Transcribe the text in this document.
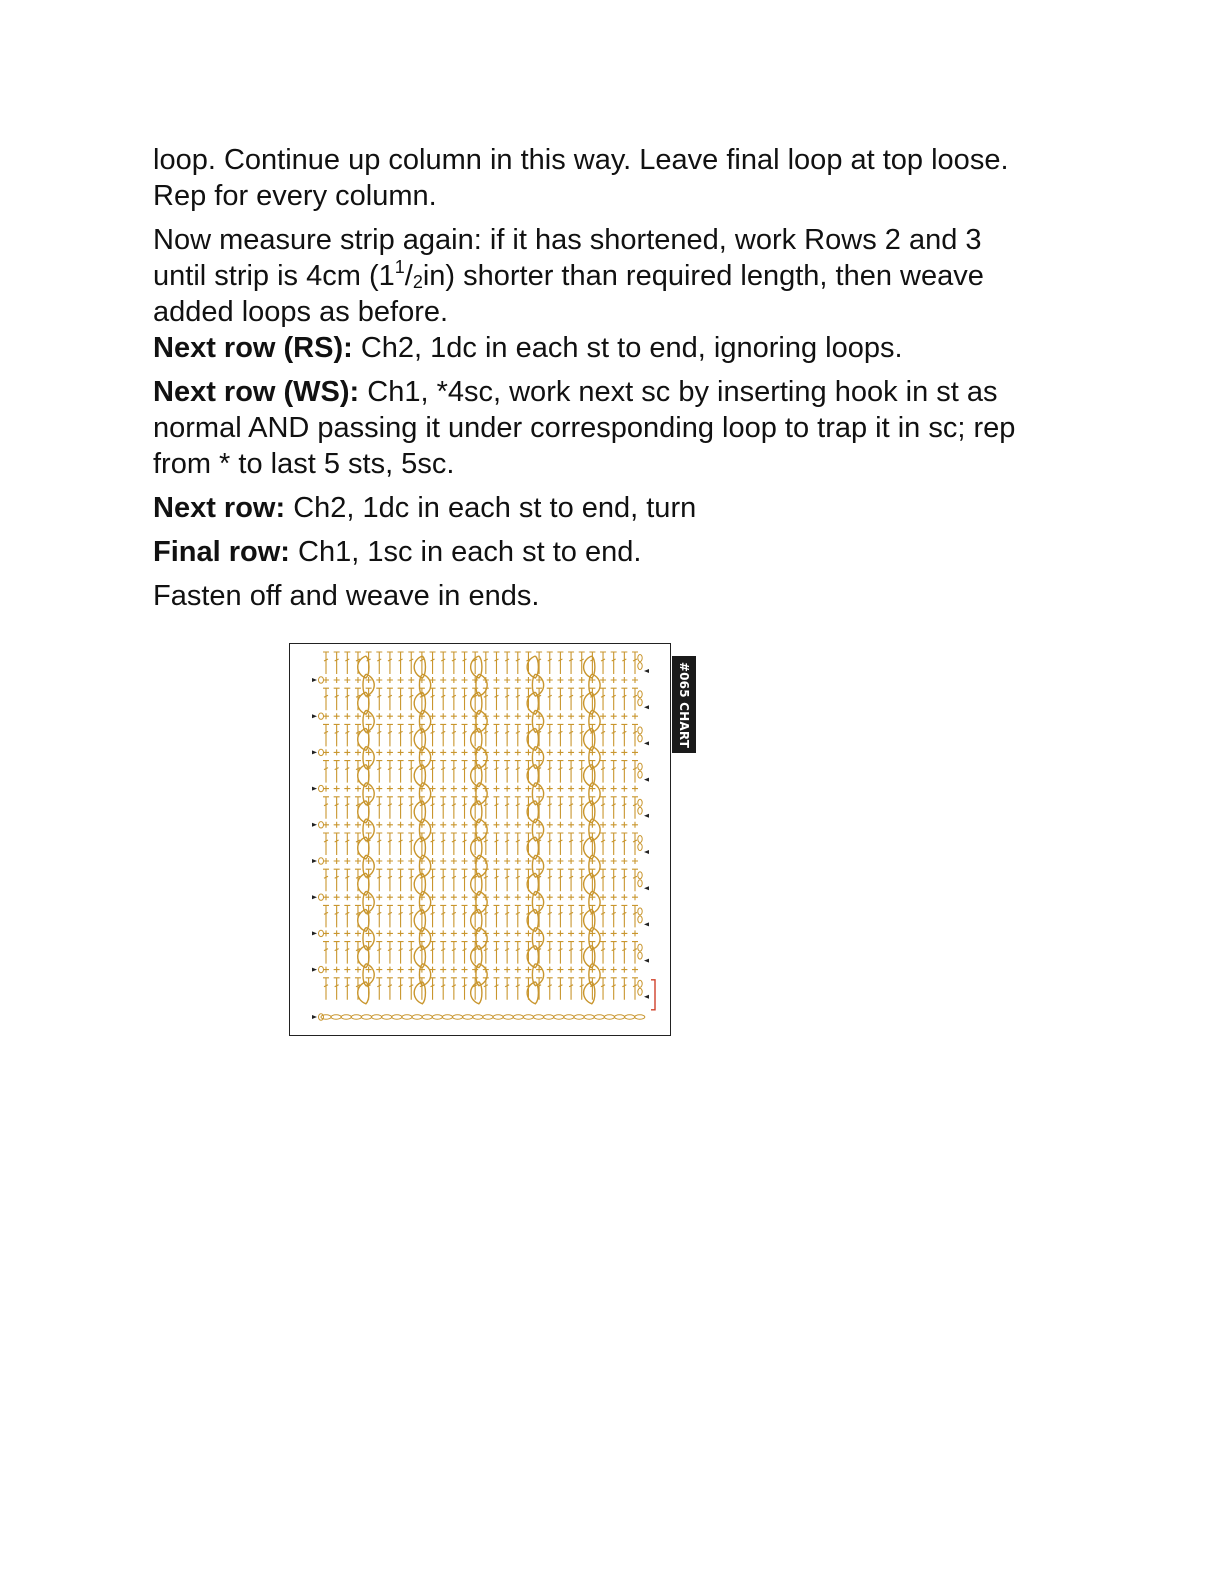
loop. Continue up column in this way. Leave final loop at top loose.

Rep for every column.

Now measure strip again: if it has shortened, work Rows 2 and 3

until strip is 4cm $(1^1/_2in)$ shorter than required length, then weave

added loops as before.

Next row (RS): Ch2, 1dc in each st to end, ignoring loops.

Next row (WS): Ch1, *4sc, work next sc by inserting hook in st as normal AND passing it under corresponding loop to trap it in sc; rep from * to last 5 sts, 5sc.

Next row: Ch2, 1dc in each st to end, turn

Final row: Ch1, 1sc in each st to end.

Fasten off and weave in ends.

#065 CHART
